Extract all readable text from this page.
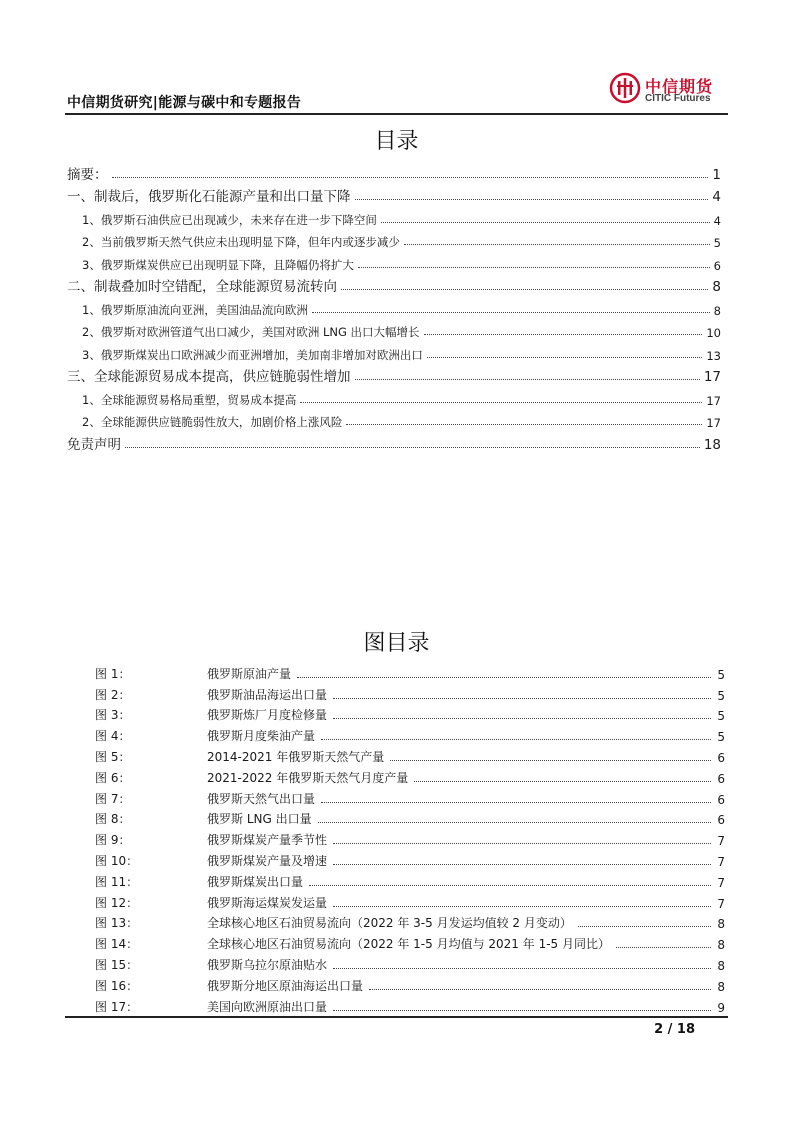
中信期货研究|能源与碳中和专题报告
中信期货
CITIC Futures
目录
摘要：	1
一、制裁后，俄罗斯化石能源产量和出口量下降	4
1、俄罗斯石油供应已出现减少，未来存在进一步下降空间	4
2、当前俄罗斯天然气供应未出现明显下降，但年内或逐步减少	5
3、俄罗斯煤炭供应已出现明显下降，且降幅仍将扩大	6
二、制裁叠加时空错配，全球能源贸易流转向	8
1、俄罗斯原油流向亚洲，美国油品流向欧洲	8
2、俄罗斯对欧洲管道气出口减少，美国对欧洲 LNG 出口大幅增长	10
3、俄罗斯煤炭出口欧洲减少而亚洲增加，美加南非增加对欧洲出口	13
三、全球能源贸易成本提高，供应链脆弱性增加	17
1、全球能源贸易格局重塑，贸易成本提高	17
2、全球能源供应链脆弱性放大，加剧价格上涨风险	17
免责声明	18
图目录
图 1：	俄罗斯原油产量	5
图 2：	俄罗斯油品海运出口量	5
图 3：	俄罗斯炼厂月度检修量	5
图 4：	俄罗斯月度柴油产量	5
图 5：	2014-2021 年俄罗斯天然气产量	6
图 6：	2021-2022 年俄罗斯天然气月度产量	6
图 7：	俄罗斯天然气出口量	6
图 8：	俄罗斯 LNG 出口量	6
图 9：	俄罗斯煤炭产量季节性	7
图 10：	俄罗斯煤炭产量及增速	7
图 11：	俄罗斯煤炭出口量	7
图 12：	俄罗斯海运煤炭发运量	7
图 13：	全球核心地区石油贸易流向（2022 年 3-5 月发运均值较 2 月变动）	8
图 14：	全球核心地区石油贸易流向（2022 年 1-5 月均值与 2021 年 1-5 月同比）	8
图 15：	俄罗斯乌拉尔原油贴水	8
图 16：	俄罗斯分地区原油海运出口量	8
图 17：	美国向欧洲原油出口量	9
2 / 18
